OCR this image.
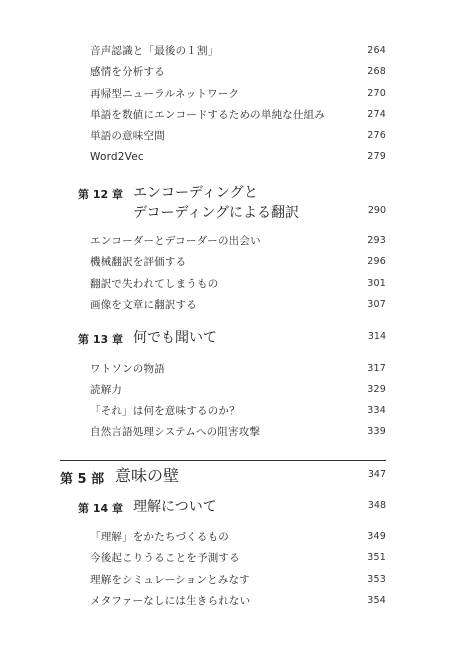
音声認識と「最後の１割」	264
感情を分析する	268
再帰型ニューラルネットワーク	270
単語を数値にエンコードするための単純な仕組み	274
単語の意味空間	276
Word2Vec	279
第 12 章 エンコーディングと
デコーディングによる翻訳	290
エンコーダーとデコーダーの出会い	293
機械翻訳を評価する	296
翻訳で失われてしまうもの	301
画像を文章に翻訳する	307
第 13 章 何でも聞いて	314
ワトソンの物語	317
読解力	329
「それ」は何を意味するのか？	334
自然言語処理システムへの阻害攻撃	339
第 5 部 意味の壁	347
第 14 章 理解について	348
「理解」をかたちづくるもの	349
今後起こりうることを予測する	351
理解をシミュレーションとみなす	353
メタファーなしには生きられない	354
